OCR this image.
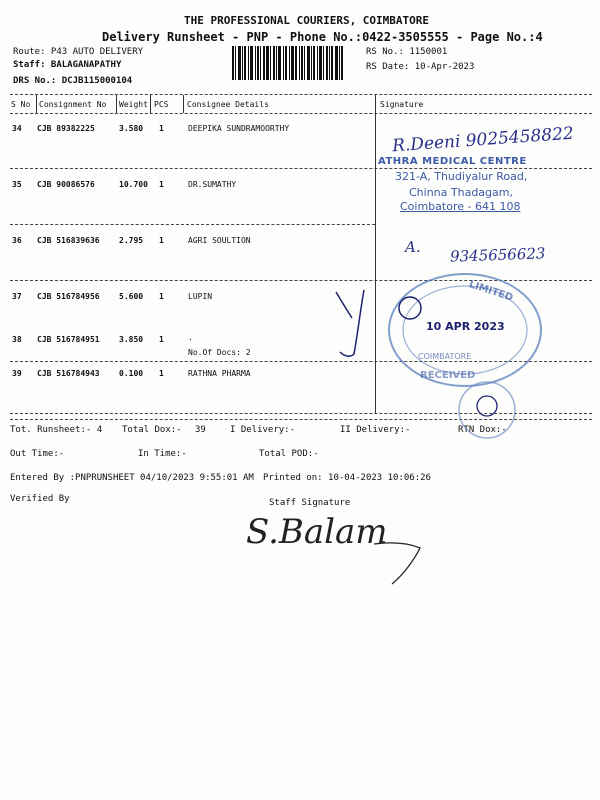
THE PROFESSIONAL COURIERS, COIMBATORE
Delivery Runsheet - PNP - Phone No.:0422-3505555 - Page No.:4
Route: P43 AUTO DELIVERY
Staff: BALAGANAPATHY
DRS No.: DCJB115000104
RS No.: 1150001
RS Date: 10-Apr-2023
S No Consignment No Weight PCS Consignee Details	Signature
34 CJB 89382225	3.580 1	DEEPIKA SUNDRAMOORTHY
35 CJB 90086576	10.700 1	DR.SUMATHY
36 CJB 516839636 2.795 1	AGRI SOULTION
37 CJB 516784956 5.600 1	LUPIN
38 CJB 516784951 3.850 1	.
No.Of Docs: 2
39 CJB 516784943 0.100 1	RATHNA PHARMA
Tot. Runsheet:- 4 Total Dox:- 39	I Delivery:-	II Delivery:-	RTN Dox:-
Out Time:-	In Time:-	Total POD:-
Entered By :PNPRUNSHEET 04/10/2023 9:55:01 AM Printed on: 10-04-2023 10:06:26
Verified By	Staff Signature
R.Deeni 9025458822
ATHRA MEDICAL CENTRE
321-A, Thudiyalur Road,
Chinna Thadagam,
Coimbatore - 641 108
A. 9345656623
LIMITED
10 APR 2023
COIMBATORE
RECEIVED
S.Balam
